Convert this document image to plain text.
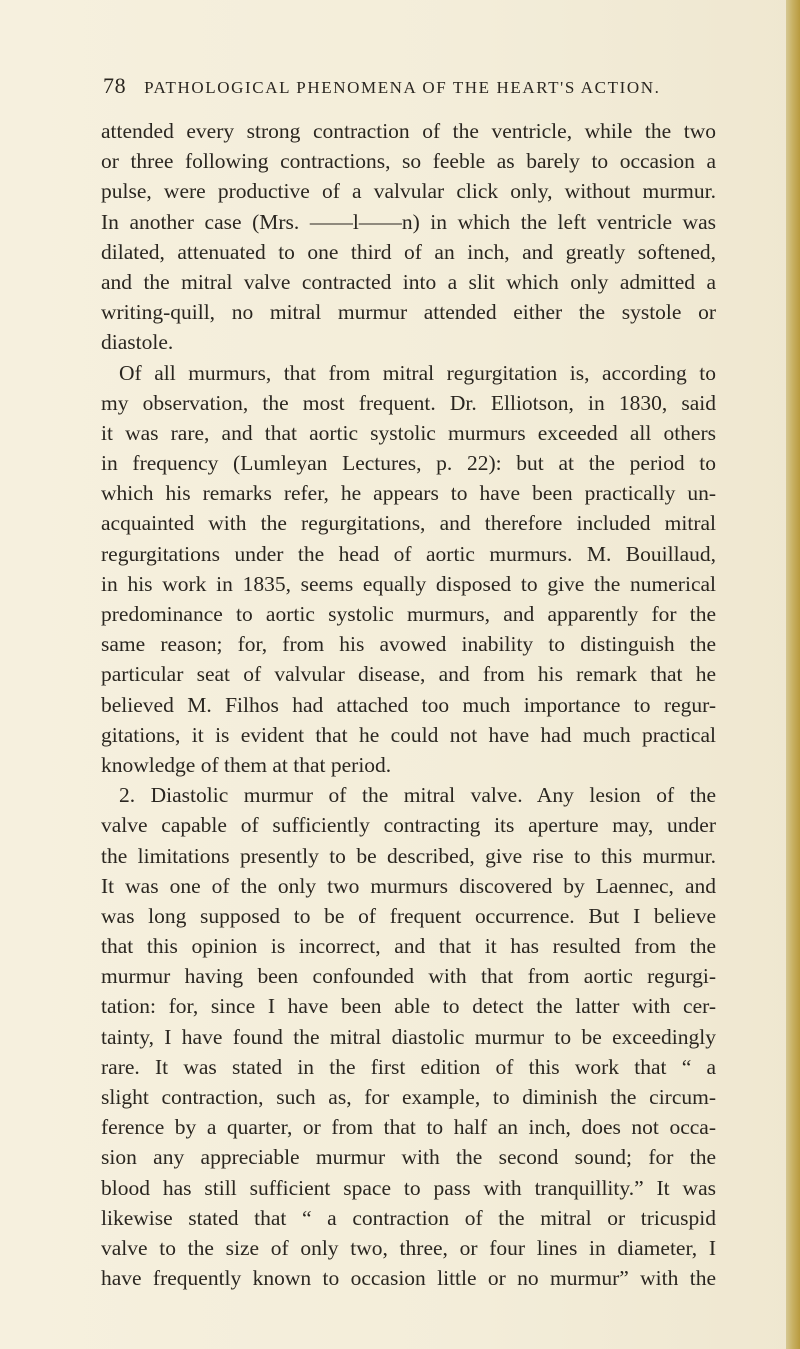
78 PATHOLOGICAL PHENOMENA OF THE HEART'S ACTION.
attended every strong contraction of the ventricle, while the two
or three following contractions, so feeble as barely to occasion a
pulse, were productive of a valvular click only, without murmur.
In another case (Mrs. ——l——n) in which the left ventricle was
dilated, attenuated to one third of an inch, and greatly softened,
and the mitral valve contracted into a slit which only admitted a
writing-quill, no mitral murmur attended either the systole or
diastole.
Of all murmurs, that from mitral regurgitation is, according to
my observation, the most frequent. Dr. Elliotson, in 1830, said
it was rare, and that aortic systolic murmurs exceeded all others
in frequency (Lumleyan Lectures, p. 22): but at the period to
which his remarks refer, he appears to have been practically un-
acquainted with the regurgitations, and therefore included mitral
regurgitations under the head of aortic murmurs. M. Bouillaud,
in his work in 1835, seems equally disposed to give the numerical
predominance to aortic systolic murmurs, and apparently for the
same reason; for, from his avowed inability to distinguish the
particular seat of valvular disease, and from his remark that he
believed M. Filhos had attached too much importance to regur-
gitations, it is evident that he could not have had much practical
knowledge of them at that period.
2. Diastolic murmur of the mitral valve. Any lesion of the
valve capable of sufficiently contracting its aperture may, under
the limitations presently to be described, give rise to this murmur.
It was one of the only two murmurs discovered by Laennec, and
was long supposed to be of frequent occurrence. But I believe
that this opinion is incorrect, and that it has resulted from the
murmur having been confounded with that from aortic regurgi-
tation: for, since I have been able to detect the latter with cer-
tainty, I have found the mitral diastolic murmur to be exceedingly
rare. It was stated in the first edition of this work that “ a
slight contraction, such as, for example, to diminish the circum-
ference by a quarter, or from that to half an inch, does not occa-
sion any appreciable murmur with the second sound; for the
blood has still sufficient space to pass with tranquillity.” It was
likewise stated that “ a contraction of the mitral or tricuspid
valve to the size of only two, three, or four lines in diameter, I
have frequently known to occasion little or no murmur” with the
